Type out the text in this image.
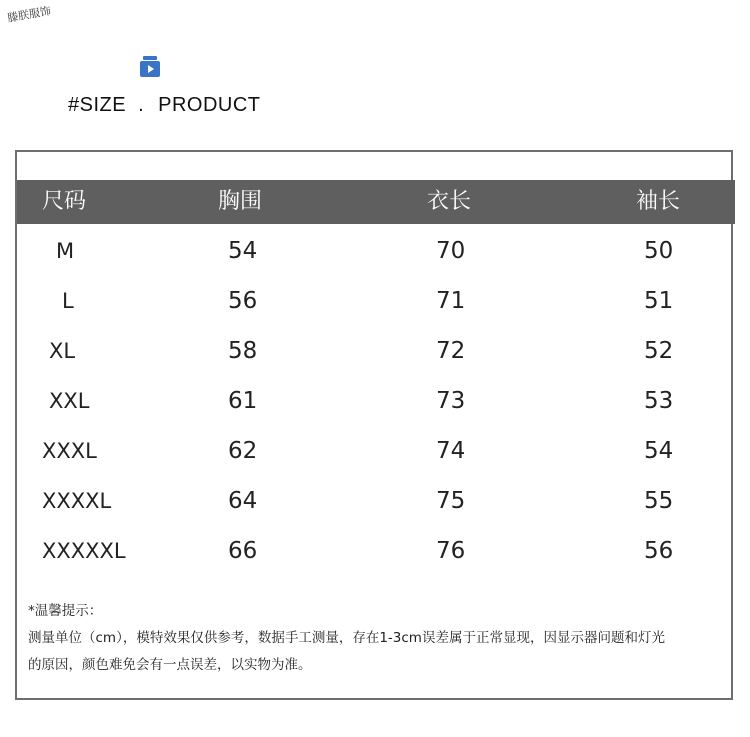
滕朕服饰
#SIZE . PRODUCT
尺码	胸围	衣长	袖长
M	54	70	50
L	56	71	51
XL	58	72	52
XXL	61	73	53
XXXL	62	74	54
XXXXL	64	75	55
XXXXXL	66	76	56
*温馨提示：
测量单位（cm），模特效果仅供参考，数据手工测量，存在1-3cm误差属于正常显现，因显示器问题和灯光
的原因，颜色难免会有一点误差，以实物为准。
